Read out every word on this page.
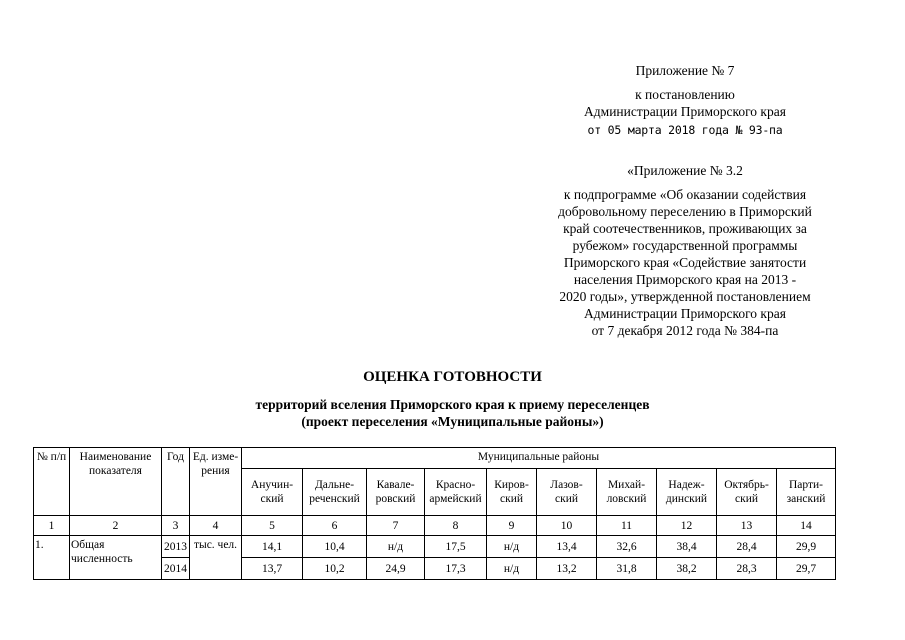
Приложение № 7
к постановлению
Администрации Приморского края
от 05 марта 2018 года № 93-па
«Приложение № 3.2
к подпрограмме «Об оказании содействия
добровольному переселению в Приморский
край соотечественников, проживающих за
рубежом» государственной программы
Приморского края «Содействие занятости
населения Приморского края на 2013 -
2020 годы», утвержденной постановлением
Администрации Приморского края
от 7 декабря 2012 года № 384-па
ОЦЕНКА ГОТОВНОСТИ
территорий вселения Приморского края к приему переселенцев
(проект переселения «Муниципальные районы»)
№ п/п	Наименование показателя	Год	Ед. изме- рения	Муниципальные районы									
				Анучин- ский	Дальне- реченский	Кавале- ровский	Красно- армейский	Киров- ский	Лазов- ский	Михай- ловский	Надеж- динский	Октябрь- ский	Парти- занский
1	2	3	4	5	6	7	8	9	10	11	12	13	14
1.	Общая численность	2013	тыс. чел.	14,1	10,4	н/д	17,5	н/д	13,4	32,6	38,4	28,4	29,9
		2014		13,7	10,2	24,9	17,3	н/д	13,2	31,8	38,2	28,3	29,7
